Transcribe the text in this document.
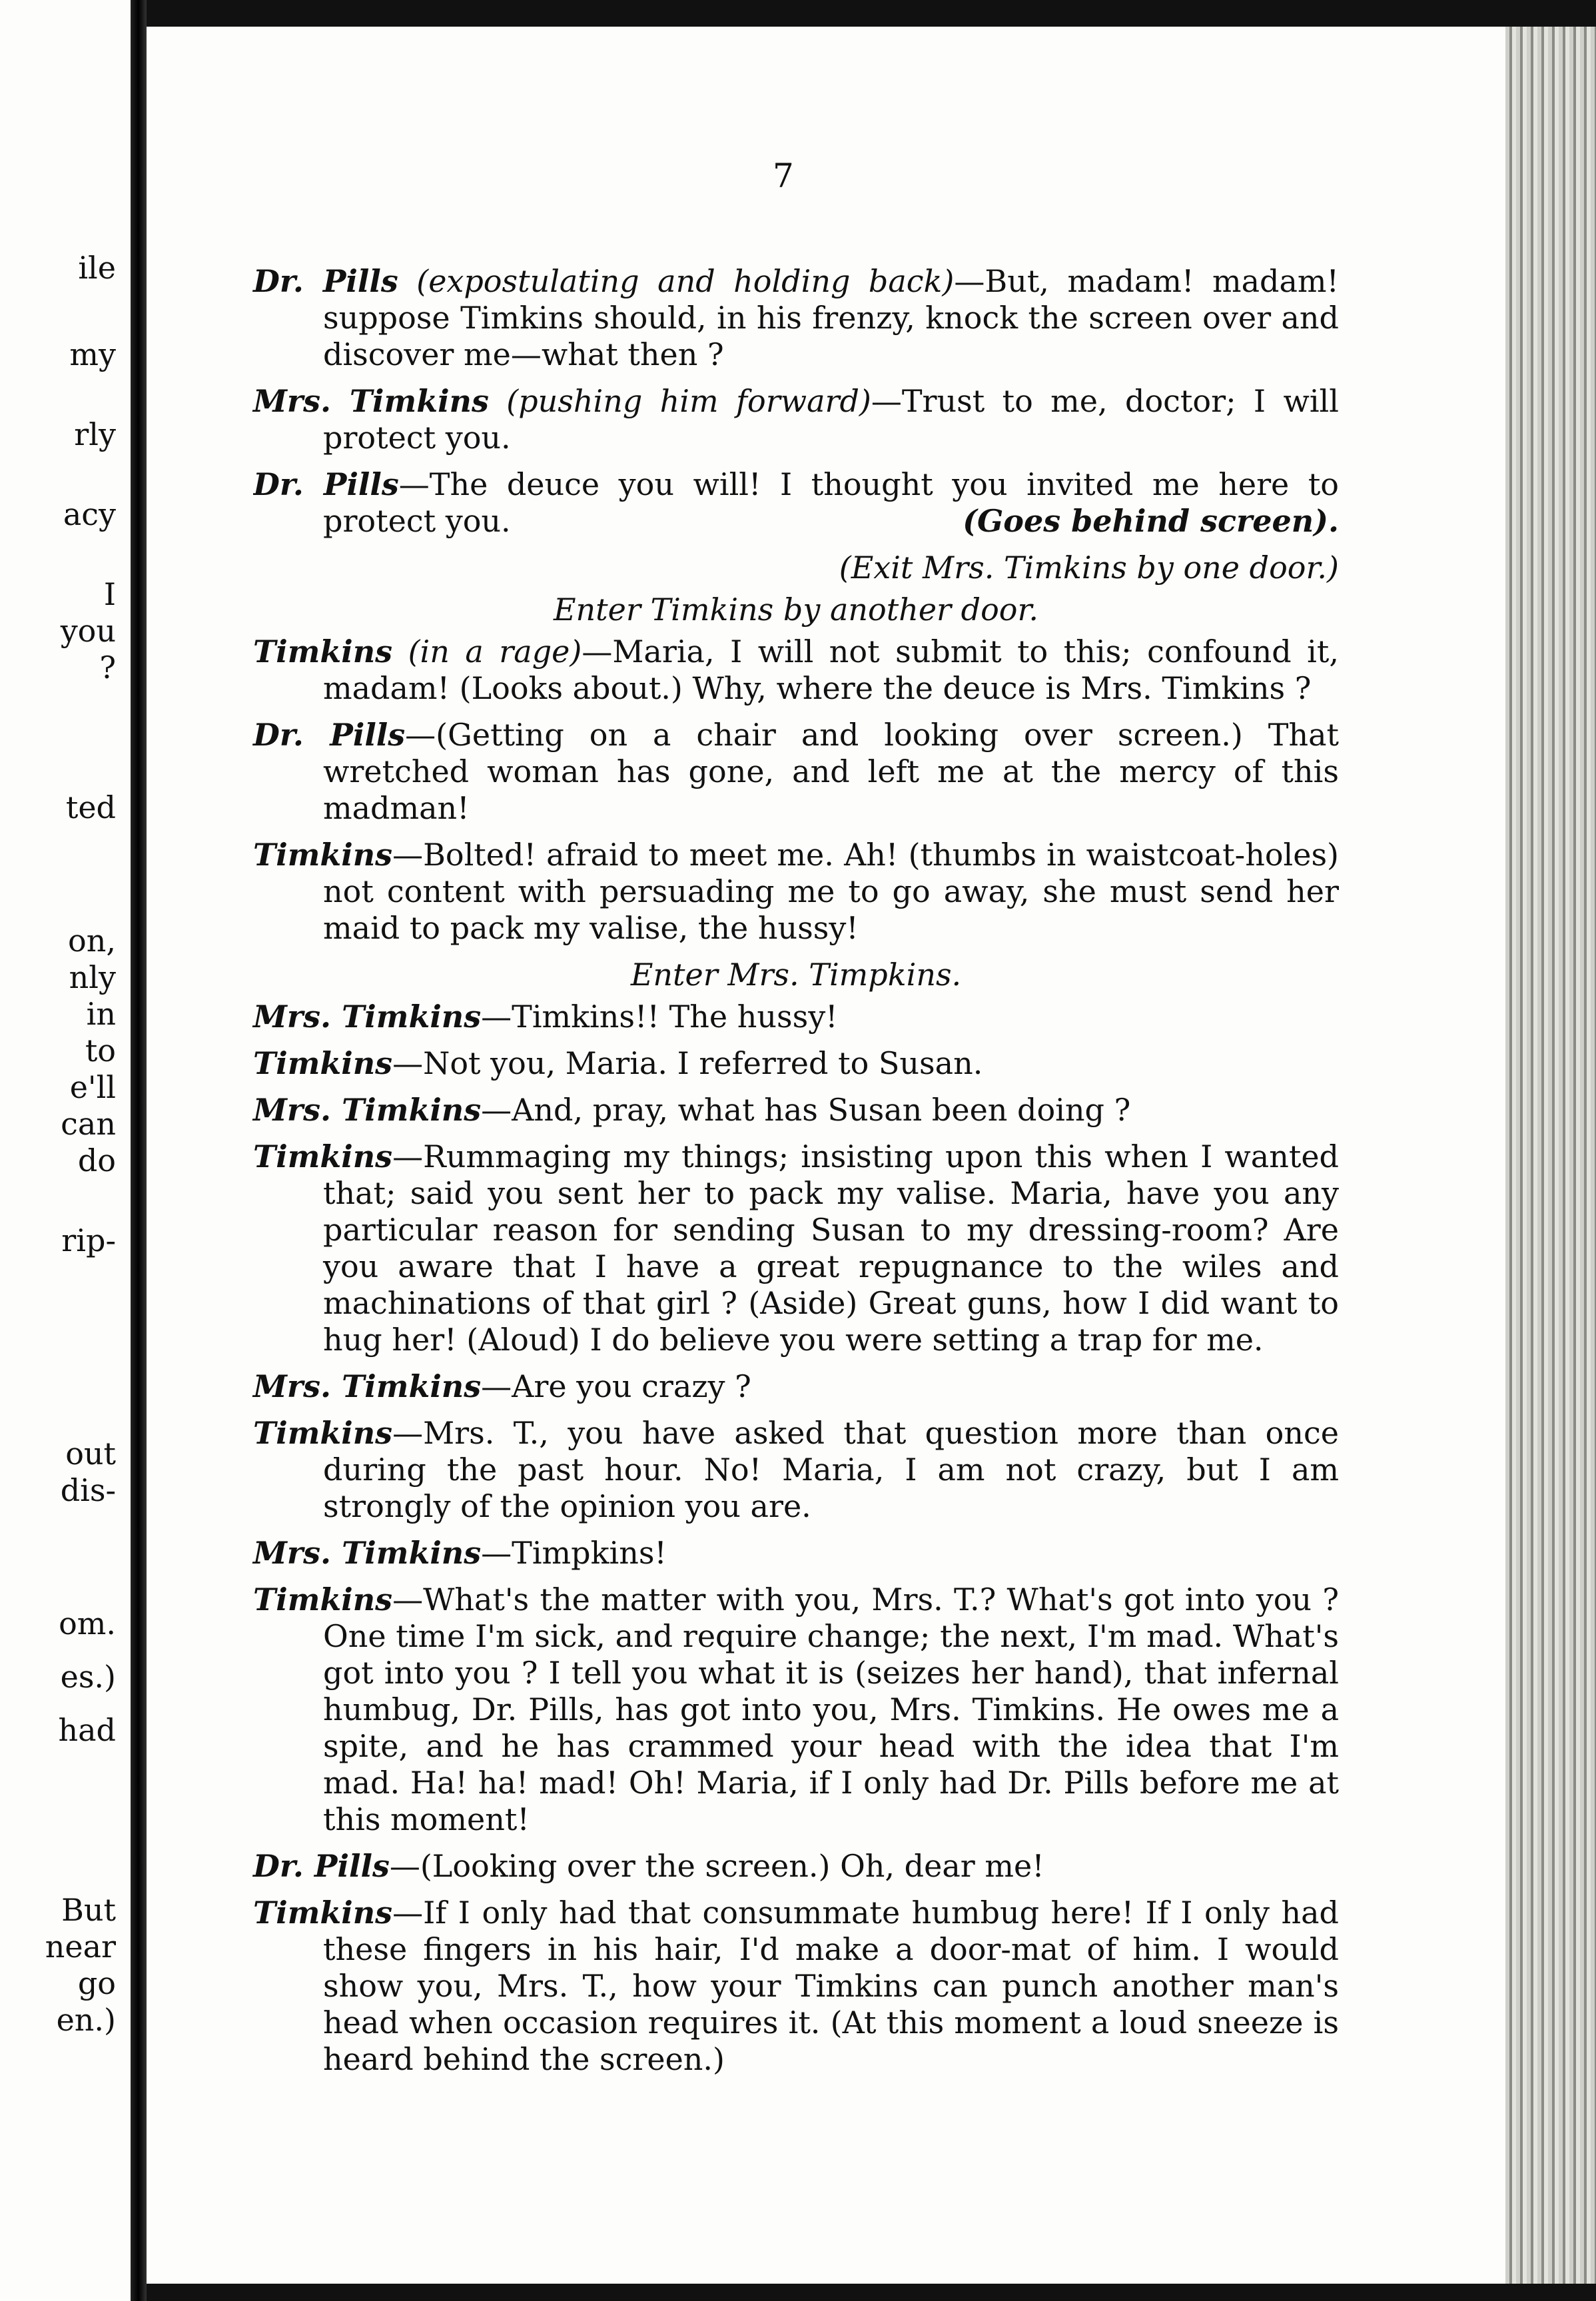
ile
my
rly
acy
I
you
?
ted
on,
nly
in
to
e'll
can
do
rip-
out
dis-
om.
es.)
had
But
near
go
en.)
7

Dr. Pills (expostulating and holding back)—But, madam! madam! suppose Timkins should, in his frenzy, knock the screen over and discover me—what then ?

Mrs. Timkins (pushing him forward)—Trust to me, doctor; I will protect you.

Dr. Pills—The deuce you will! I thought you invited me here to protect you.	(Goes behind screen).

(Exit Mrs. Timkins by one door.)

Enter Timkins by another door.

Timkins (in a rage)—Maria, I will not submit to this; confound it, madam! (Looks about.) Why, where the deuce is Mrs. Timkins ?

Dr. Pills—(Getting on a chair and looking over screen.) That wretched woman has gone, and left me at the mercy of this madman!

Timkins—Bolted! afraid to meet me. Ah! (thumbs in waistcoat-holes) not content with persuading me to go away, she must send her maid to pack my valise, the hussy!

Enter Mrs. Timpkins.

Mrs. Timkins—Timkins!! The hussy!

Timkins—Not you, Maria. I referred to Susan.

Mrs. Timkins—And, pray, what has Susan been doing ?

Timkins—Rummaging my things; insisting upon this when I wanted that; said you sent her to pack my valise. Maria, have you any particular reason for sending Susan to my dressing-room? Are you aware that I have a great repugnance to the wiles and machinations of that girl ? (Aside) Great guns, how I did want to hug her! (Aloud) I do believe you were setting a trap for me.

Mrs. Timkins—Are you crazy ?

Timkins—Mrs. T., you have asked that question more than once during the past hour. No! Maria, I am not crazy, but I am strongly of the opinion you are.

Mrs. Timkins—Timpkins!

Timkins—What's the matter with you, Mrs. T.? What's got into you ? One time I'm sick, and require change; the next, I'm mad. What's got into you ? I tell you what it is (seizes her hand), that infernal humbug, Dr. Pills, has got into you, Mrs. Timkins. He owes me a spite, and he has crammed your head with the idea that I'm mad. Ha! ha! mad! Oh! Maria, if I only had Dr. Pills before me at this moment!

Dr. Pills—(Looking over the screen.) Oh, dear me!

Timkins—If I only had that consummate humbug here! If I only had these fingers in his hair, I'd make a door-mat of him. I would show you, Mrs. T., how your Timkins can punch another man's head when occasion requires it. (At this moment a loud sneeze is heard behind the screen.)
